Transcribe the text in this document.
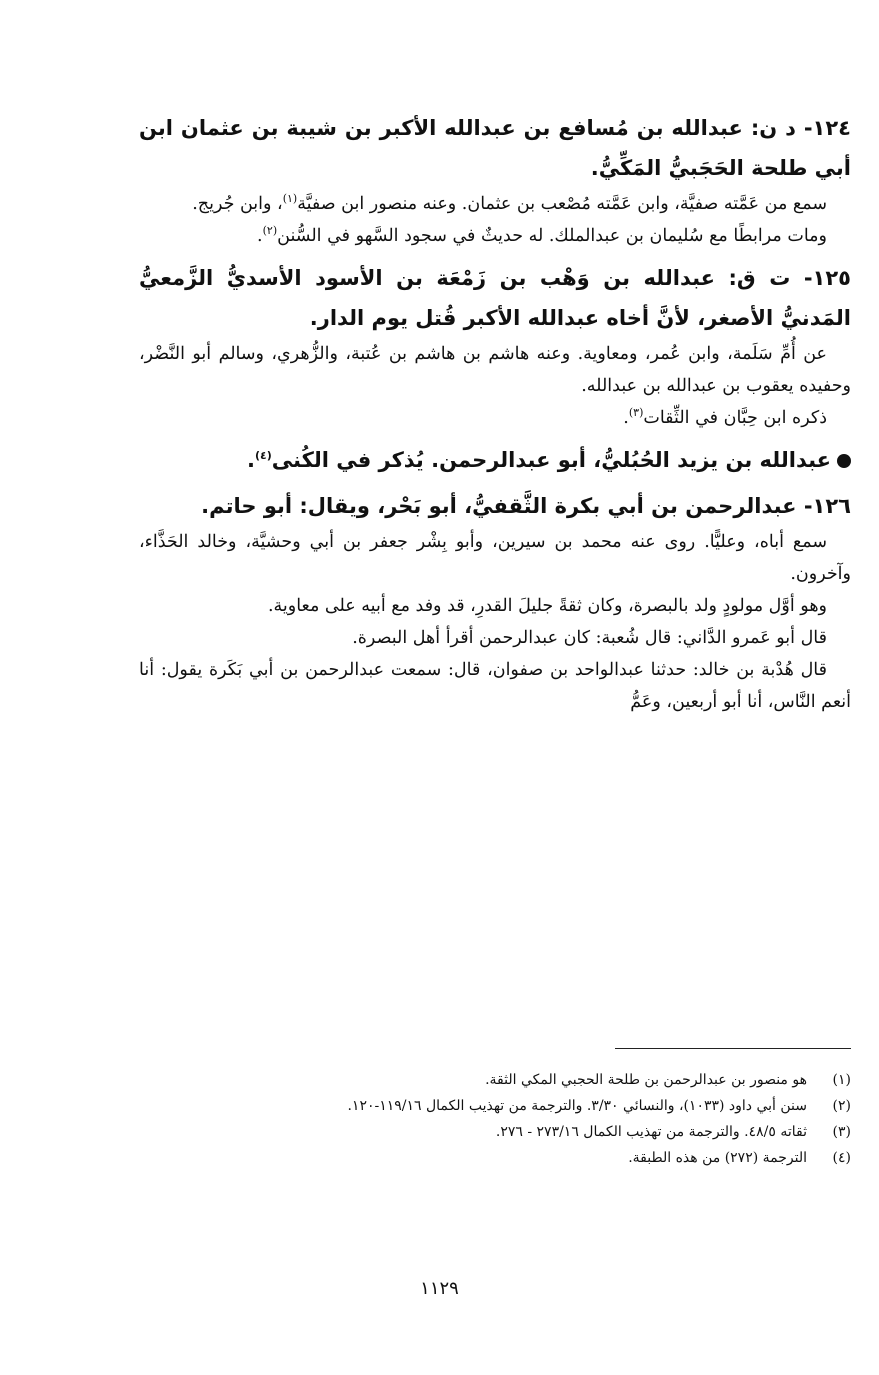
١٢٤- د ن: عبدالله بن مُسافع بن عبدالله الأكبر بن شيبة بن عثمان ابن أبي طلحة الحَجَبيُّ المَكِّيُّ.

سمع من عَمَّته صفيَّة، وابن عَمَّته مُصْعب بن عثمان. وعنه منصور ابن صفيَّة$^{(١)}$، وابن جُريج.

ومات مرابطًا مع سُليمان بن عبدالملك. له حديثٌ في سجود السَّهو في السُّنن$^{(٢)}$.

١٢٥- ت ق: عبدالله بن وَهْب بن زَمْعَة بن الأسود الأسديُّ الزَّمعيُّ المَدنيُّ الأصغر، لأنَّ أخاه عبدالله الأكبر قُتل يوم الدار.

عن أُمِّ سَلَمة، وابن عُمر، ومعاوية. وعنه هاشم بن هاشم بن عُتبة، والزُّهري، وسالم أبو النَّضْر، وحفيده يعقوب بن عبدالله بن عبدالله.

ذكره ابن حِبَّان في الثِّقات$^{(٣)}$.

عبدالله بن يزيد الحُبُليُّ، أبو عبدالرحمن. يُذكر في الكُنى$^{(٤)}$.

١٢٦- عبدالرحمن بن أبي بكرة الثَّقفيُّ، أبو بَحْر، ويقال: أبو حاتم.

سمع أباه، وعليًّا. روى عنه محمد بن سيرين، وأبو بِشْر جعفر بن أبي وحشيَّة، وخالد الحَذَّاء، وآخرون.

وهو أوَّل مولودٍ ولد بالبصرة، وكان ثقةً جليلَ القدرِ، قد وفد مع أبيه على معاوية.

قال أبو عَمرو الدَّاني: قال شُعبة: كان عبدالرحمن أقرأ أهل البصرة.

قال هُدْبة بن خالد: حدثنا عبدالواحد بن صفوان، قال: سمعت عبدالرحمن بن أبي بَكَرة يقول: أنا أنعم النَّاس، أنا أبو أربعين، وعَمُّ

(١)
هو منصور بن عبدالرحمن بن طلحة الحجبي المكي الثقة.
(٢)
سنن أبي داود (١٠٣٣)، والنسائي ٣/٣٠. والترجمة من تهذيب الكمال ١١٩/١٦-١٢٠.
(٣)
ثقاته ٤٨/٥. والترجمة من تهذيب الكمال ٢٧٣/١٦ - ٢٧٦.
(٤)
الترجمة (٢٧٢) من هذه الطبقة.
١١٢٩
